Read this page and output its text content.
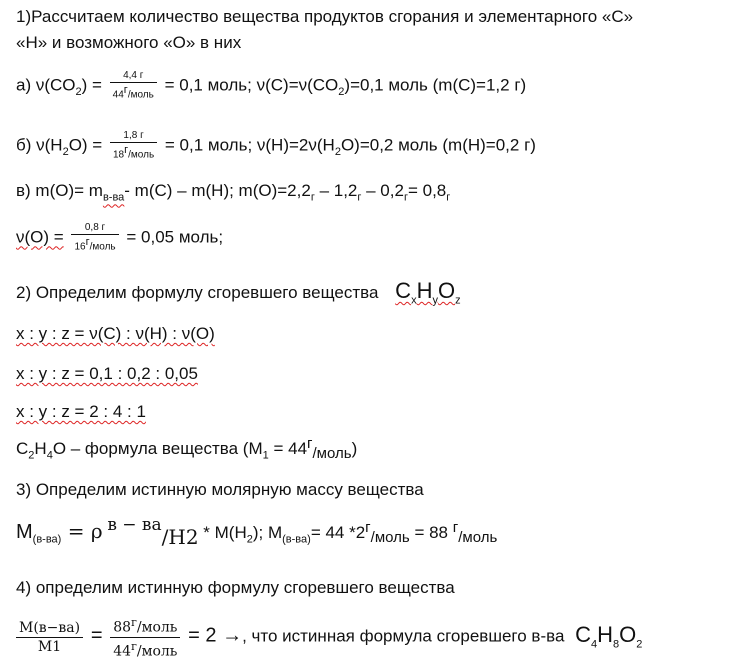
1)Рассчитаем количество вещества продуктов сгорания и элементарного «С»
«Н» и возможного «О» в них
а) $\nu(CO_2) = \frac{4,4 г}{44^г/моль} = 0,1$ моль; $\nu(C)=\nu(CO_2)=0,1$ моль (m(C)=1,2 г)
б) $\nu(H_2O) = \frac{1,8 г}{18^г/моль} = 0,1$ моль; $\nu(H)=2\nu(H_2O)=0,2$ моль (m(H)=0,2 г)
в) $m(O)= m_{в-ва}-$ m(C) – m(H); $m(O)=2,2_г - 1,2_г - 0,2_г= 0,8_г$
$\nu(O) = \frac{0,8 г}{16^г/моль} = 0,05$ моль;
2) Определим формулу сгоревшего вещества $C_xH_yO_z$
x : y : z = ν(C) : ν(H) : ν(O)
x : y : z = 0,1 : 0,2 : 0,05
x : y : z = 2 : 4 : 1
$C_2H_4O$ – формула вещества ($M_1$ = 44г/моль)
3) Определим истинную молярную массу вещества
$M_{(в-ва)} = \rho$ $в - ва/H2 * M(H_2)$; $M_{(в-ва)}= 44$ *2г/моль = 88 г/моль
4) определим истинную формулу сгоревшего вещества
$\frac{M(в-ва)}{M1} = \frac{88^г/моль}{44^г/моль} = 2$ →, что истинная формула сгоревшего в-ва $C_4H_8O_2$
